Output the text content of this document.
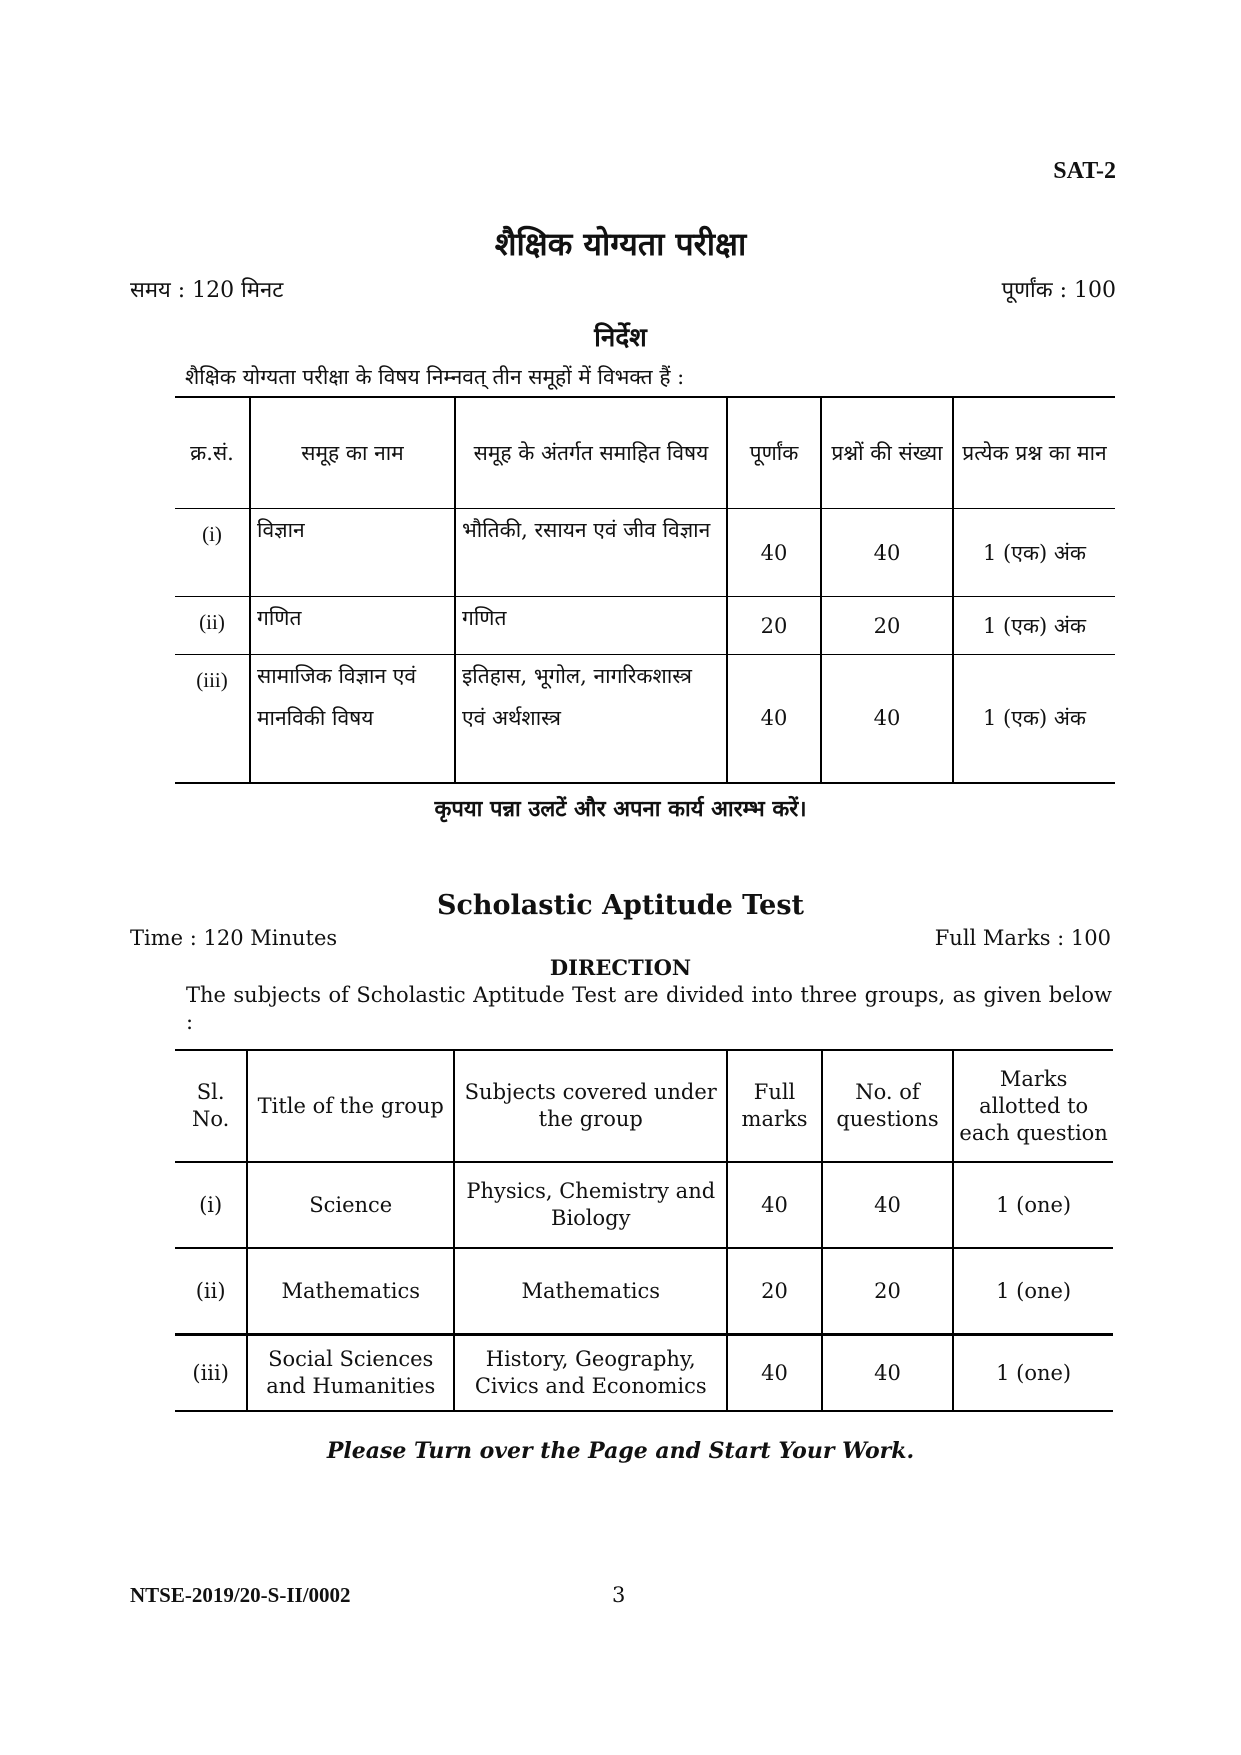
SAT-2
शैक्षिक योग्यता परीक्षा
समय : 120 मिनट	पूर्णांक : 100
निर्देश
शैक्षिक योग्यता परीक्षा के विषय निम्नवत् तीन समूहों में विभक्त हैं :
क्र.सं.	समूह का नाम	समूह के अंतर्गत समाहित विषय	पूर्णांक	प्रश्नों की संख्या	प्रत्येक प्रश्न का मान
(i)	विज्ञान	भौतिकी, रसायन एवं जीव विज्ञान	40	40	1 (एक) अंक
(ii)	गणित	गणित	20	20	1 (एक) अंक
(iii)	सामाजिक विज्ञान एवं मानविकी विषय	इतिहास, भूगोल, नागरिकशास्त्र एवं अर्थशास्त्र	40	40	1 (एक) अंक
कृपया पन्ना उलटें और अपना कार्य आरम्भ करें।
Scholastic Aptitude Test
Time : 120 Minutes	Full Marks : 100
DIRECTION
The subjects of Scholastic Aptitude Test are divided into three groups, as given below :
Sl. No.	Title of the group	Subjects covered under the group	Full marks	No. of questions	Marks allotted to each question
(i)	Science	Physics, Chemistry and Biology	40	40	1 (one)
(ii)	Mathematics	Mathematics	20	20	1 (one)
(iii)	Social Sciences and Humanities	History, Geography, Civics and Economics	40	40	1 (one)
Please Turn over the Page and Start Your Work.
NTSE-2019/20-S-II/0002	3
